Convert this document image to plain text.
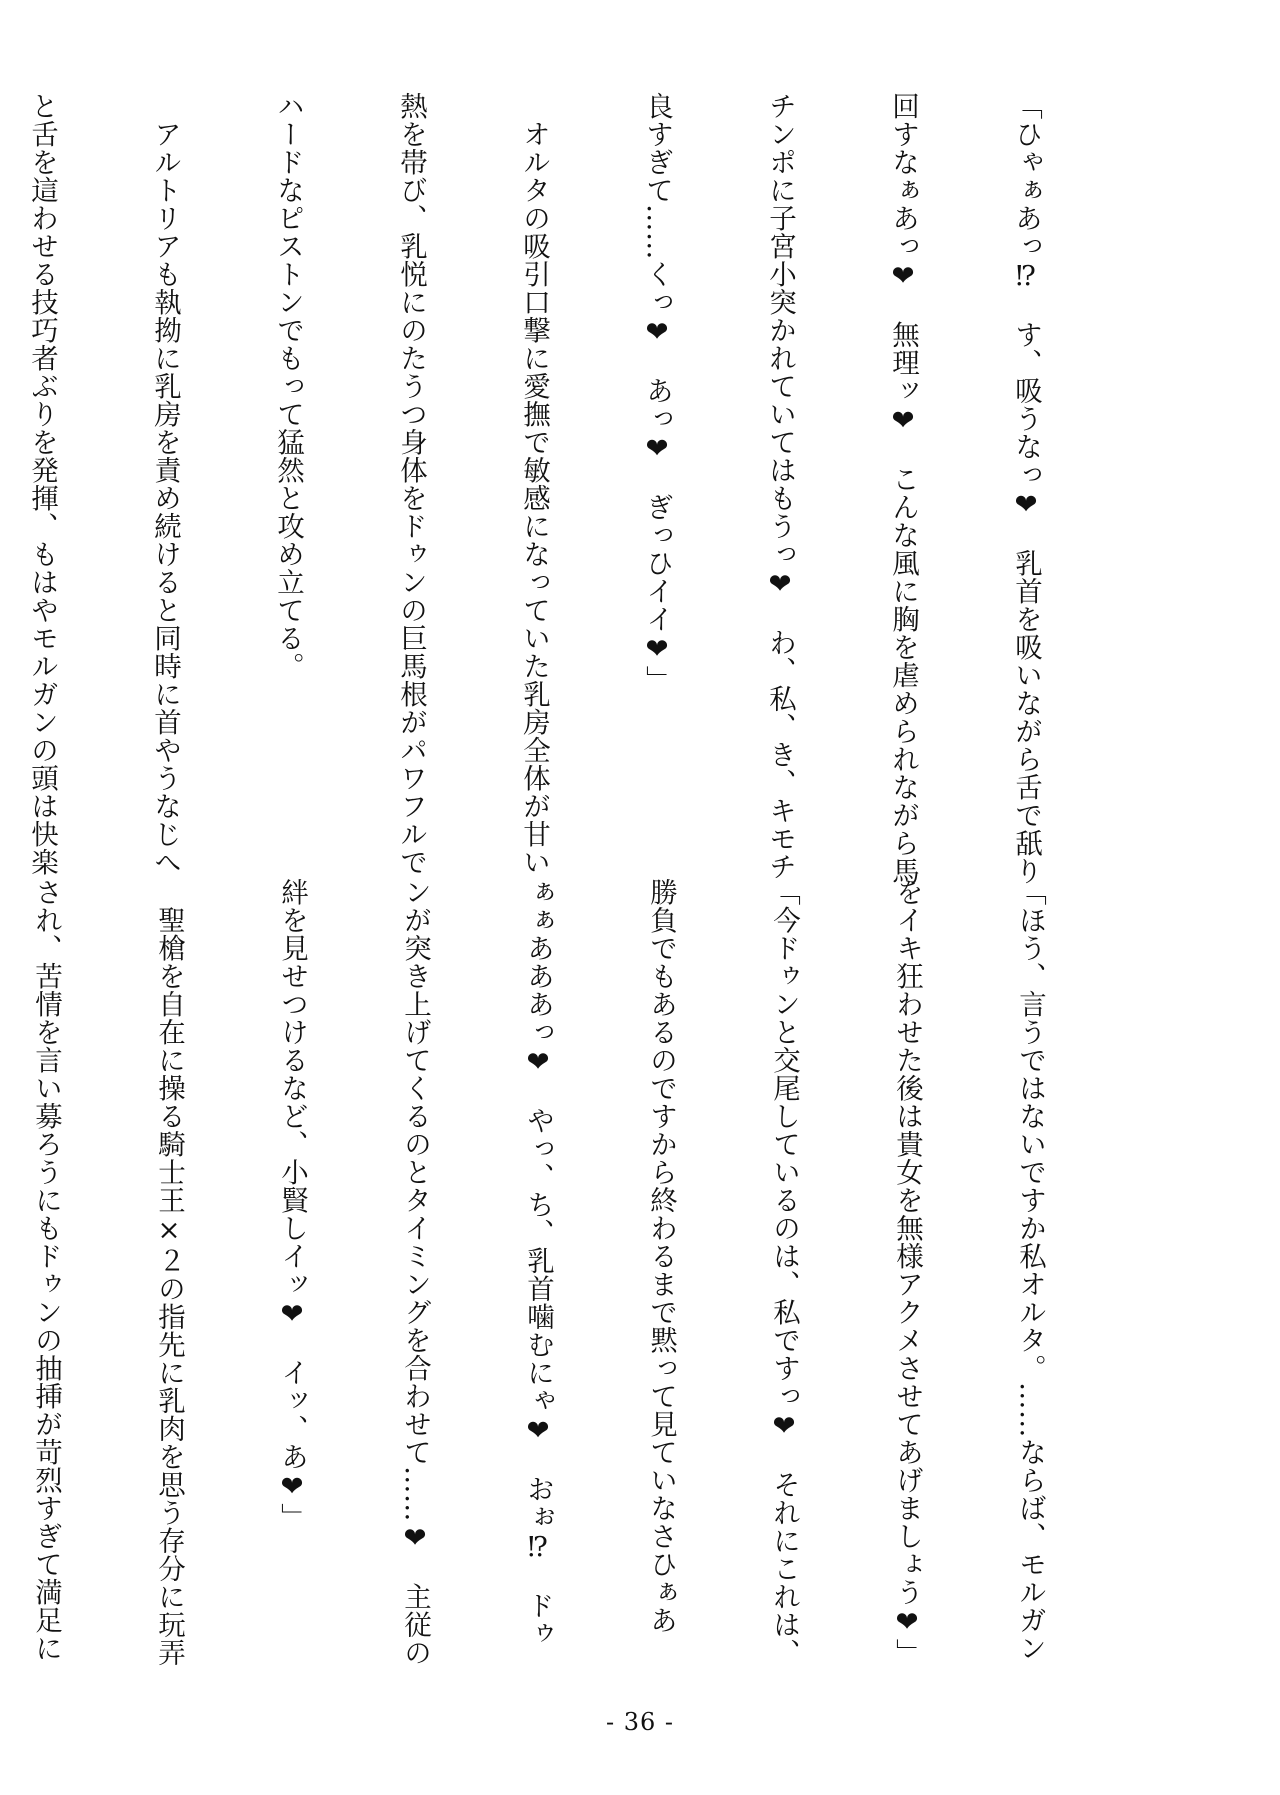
「ひゃぁあっ⁉　す、吸うなっ❤　乳首を吸いながら舌で舐り

回すなぁあっ❤　無理ッ❤　こんな風に胸を虐められながら馬

チンポに子宮小突かれていてはもうっ❤　わ、私、き、キモチ

良すぎて……くっ❤　あっ❤　ぎっひイイ❤」

　オルタの吸引口撃に愛撫で敏感になっていた乳房全体が甘い

熱を帯び、乳悦にのたうつ身体をドゥンの巨馬根がパワフルで

ハードなピストンでもって猛然と攻め立てる。

　アルトリアも執拗に乳房を責め続けると同時に首やうなじへ

と舌を這わせる技巧者ぶりを発揮、もはやモルガンの頭は快楽

「ほう、言うではないですか私オルタ。……ならば、モルガン

をイキ狂わせた後は貴女を無様アクメさせてあげましょう❤」

「今ドゥンと交尾しているのは、私ですっ❤　それにこれは、

勝負でもあるのですから終わるまで黙って見ていなさひぁあ

ぁぁあああっ❤　やっ、ち、乳首噛むにゃ❤　おぉ⁉　ドゥ

ンが突き上げてくるのとタイミングを合わせて……❤　主従の

絆を見せつけるなど、小賢しイッ❤　イッ、あ❤」

　聖槍を自在に操る騎士王×２の指先に乳肉を思う存分に玩弄

され、苦情を言い募ろうにもドゥンの抽挿が苛烈すぎて満足に

- 36 -
